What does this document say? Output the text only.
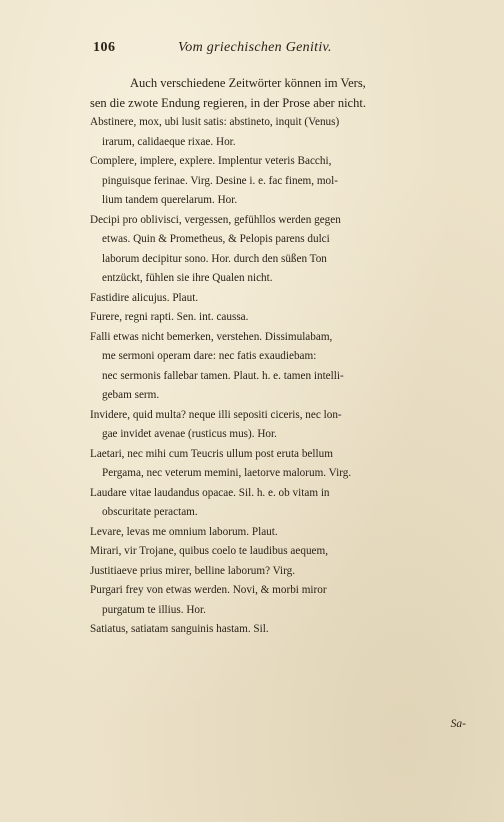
106	Vom griechischen Genitiv.
Auch verschiedene Zeitwörter können im Vers,
sen die zwote Endung regieren, in der Prose aber nicht.
Abstinere, mox, ubi lusit satis: abstineto, inquit (Venus)
irarum, calidaeque rixae. Hor.
Complere, implere, explere. Implentur veteris Bacchi,
pinguisque ferinae. Virg. Desine i. e. fac finem, mol-
lium tandem querelarum. Hor.
Decipi pro oblivisci, vergessen, gefühllos werden gegen
etwas. Quin & Prometheus, & Pelopis parens dulci
laborum decipitur sono. Hor. durch den süßen Ton
entzückt, fühlen sie ihre Qualen nicht.
Fastidire alicujus. Plaut.
Furere, regni rapti. Sen. int. caussa.
Falli etwas nicht bemerken, verstehen. Dissimulabam,
me sermoni operam dare: nec fatis exaudiebam:
nec sermonis fallebar tamen. Plaut. h. e. tamen intelli-
gebam serm.
Invidere, quid multa? neque illi sepositi ciceris, nec lon-
gae invidet avenae (rusticus mus). Hor.
Laetari, nec mihi cum Teucris ullum post eruta bellum
Pergama, nec veterum memini, laetorve malorum. Virg.
Laudare vitae laudandus opacae. Sil. h. e. ob vitam in
obscuritate peractam.
Levare, levas me omnium laborum. Plaut.
Mirari, vir Trojane, quibus coelo te laudibus aequem,
Justitiaeve prius mirer, belline laborum? Virg.
Purgari frey von etwas werden. Novi, & morbi miror
purgatum te illius. Hor.
Satiatus, satiatam sanguinis hastam. Sil.
Sa-
